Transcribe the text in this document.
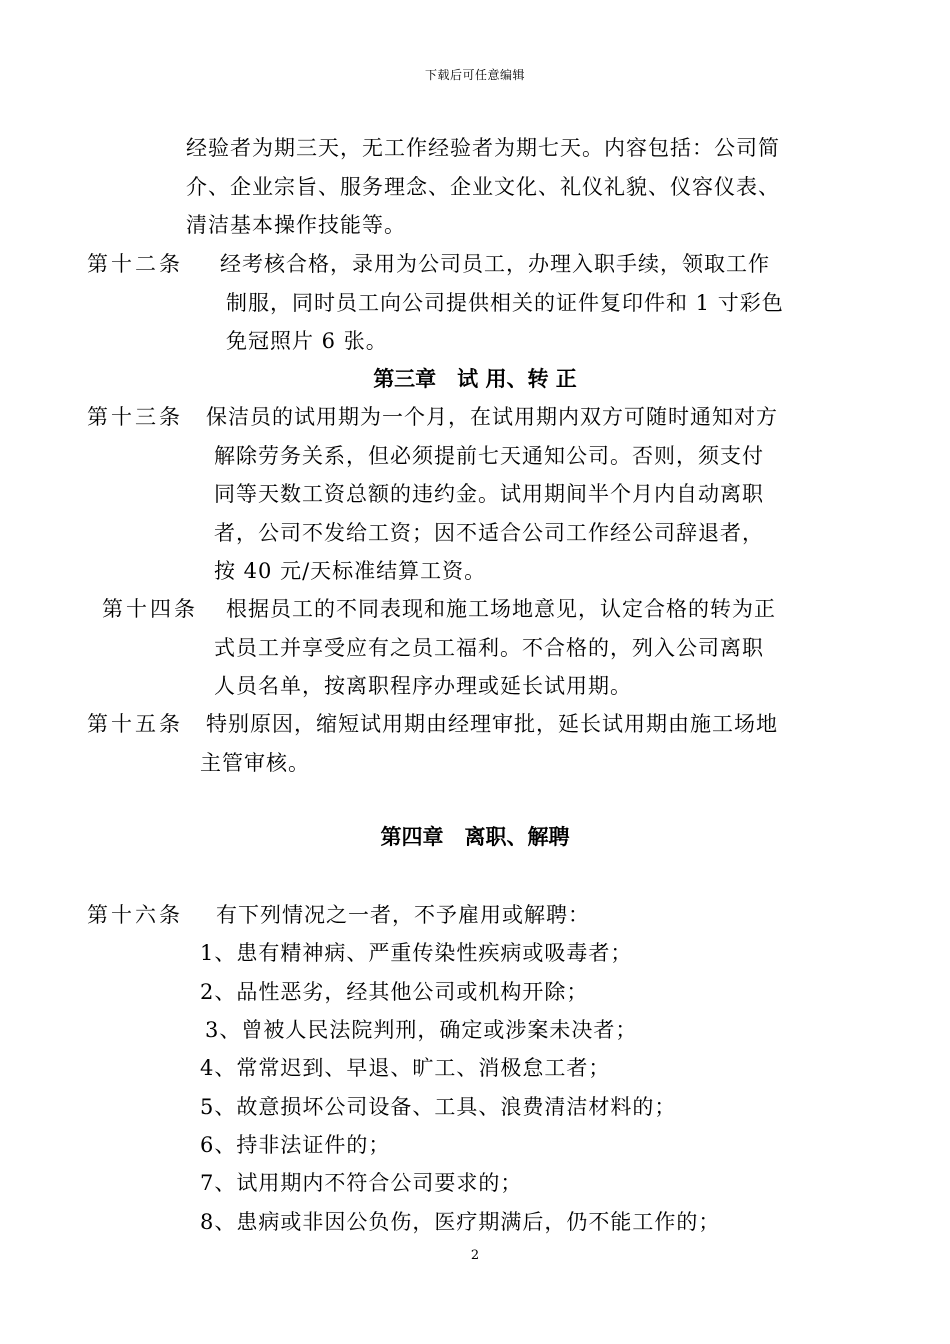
下载后可任意编辑
经验者为期三天，无工作经验者为期七天。内容包括：公司简
介、企业宗旨、服务理念、企业文化、礼仪礼貌、仪容仪表、
清洁基本操作技能等。
第十二条 经考核合格，录用为公司员工，办理入职手续，领取工作
制服，同时员工向公司提供相关的证件复印件和 1 寸彩色
免冠照片 6 张。
第三章　试 用、转 正
第十三条 保洁员的试用期为一个月，在试用期内双方可随时通知对方
解除劳务关系，但必须提前七天通知公司。否则，须支付
同等天数工资总额的违约金。试用期间半个月内自动离职
者，公司不发给工资；因不适合公司工作经公司辞退者，
按 40 元/天标准结算工资。
第十四条 根据员工的不同表现和施工场地意见，认定合格的转为正
式员工并享受应有之员工福利。不合格的，列入公司离职
人员名单，按离职程序办理或延长试用期。
第十五条 特别原因，缩短试用期由经理审批，延长试用期由施工场地
主管审核。
第四章　离职、解聘
第十六条 有下列情况之一者，不予雇用或解聘：
1、患有精神病、严重传染性疾病或吸毒者；
2、品性恶劣，经其他公司或机构开除；
3、曾被人民法院判刑，确定或涉案未决者；
4、常常迟到、早退、旷工、消极怠工者；
5、故意损坏公司设备、工具、浪费清洁材料的；
6、持非法证件的；
7、试用期内不符合公司要求的；
8、患病或非因公负伤，医疗期满后，仍不能工作的；
2
